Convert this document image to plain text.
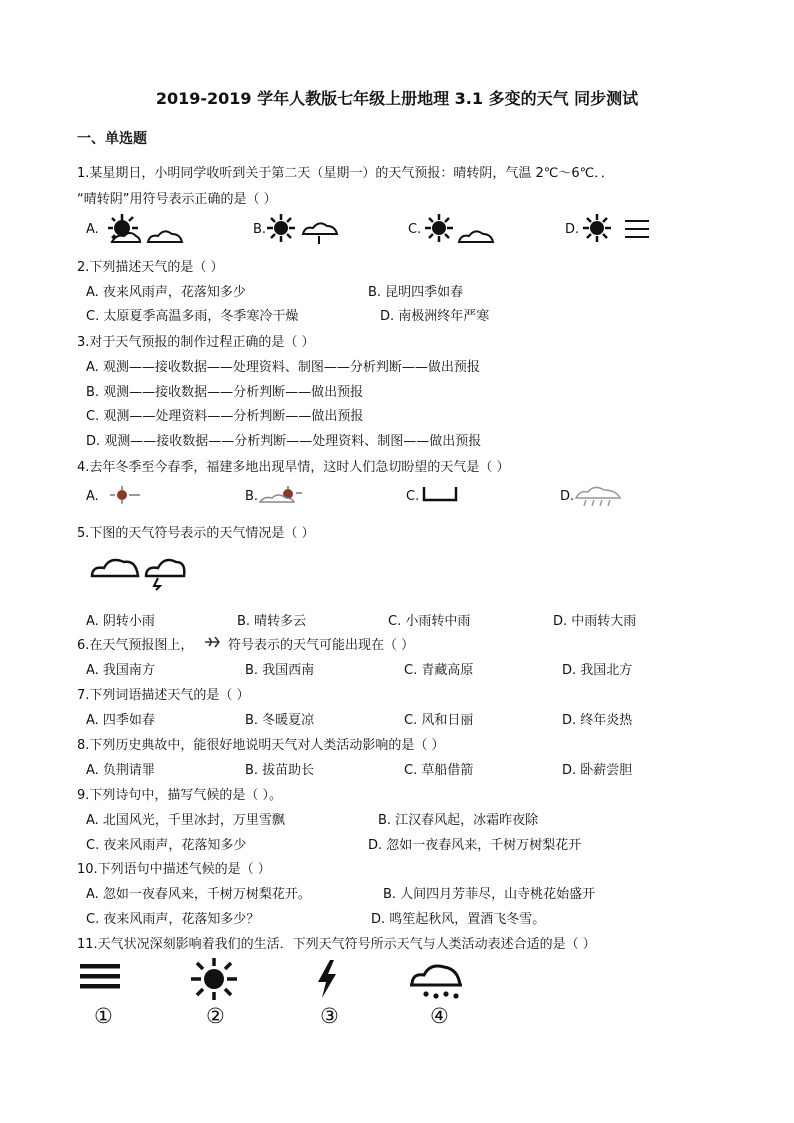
2019-2019 学年人教版七年级上册地理 3.1 多变的天气 同步测试
一、单选题
1.某星期日，小明同学收听到关于第二天（星期一）的天气预报：晴转阴，气温 2℃～6℃．．
“晴转阴”用符号表示正确的是（ ）
A.	B.	C.	D.
2.下列描述天气的是（ ）
A. 夜来风雨声，花落知多少	B. 昆明四季如春
C. 太原夏季高温多雨，冬季寒冷干燥	D. 南极洲终年严寒
3.对于天气预报的制作过程正确的是（ ）
A. 观测——接收数据——处理资料、制图——分析判断——做出预报
B. 观测——接收数据——分析判断——做出预报
C. 观测——处理资料——分析判断——做出预报
D. 观测——接收数据——分析判断——处理资料、制图——做出预报
4.去年冬季至今春季，福建多地出现旱情，这时人们急切盼望的天气是（ ）
A.	B.	C.	D.
5.下图的天气符号表示的天气情况是（ ）
A. 阴转小雨	B. 晴转多云	C. 小雨转中雨	D. 中雨转大雨
6.在天气预报图上，	符号表示的天气可能出现在（ ）
A. 我国南方	B. 我国西南	C. 青藏高原	D. 我国北方
7.下列词语描述天气的是（ ）
A. 四季如春	B. 冬暖夏凉	C. 风和日丽	D. 终年炎热
8.下列历史典故中，能很好地说明天气对人类活动影响的是（ ）
A. 负荆请罪	B. 拔苗助长	C. 草船借箭	D. 卧薪尝胆
9.下列诗句中，描写气候的是（ ）。
A. 北国风光，千里冰封，万里雪飘	B. 江汉春风起，冰霜昨夜除
C. 夜来风雨声，花落知多少	D. 忽如一夜春风来，千树万树梨花开
10.下列语句中描述气候的是（ ）
A. 忽如一夜春风来，千树万树梨花开。	B. 人间四月芳菲尽，山寺桃花始盛开
C. 夜来风雨声，花落知多少？	D. 鸣笙起秋风，置酒飞冬雪。
11.天气状况深刻影响着我们的生活．下列天气符号所示天气与人类活动表述合适的是（ ）
①	②	③	④
